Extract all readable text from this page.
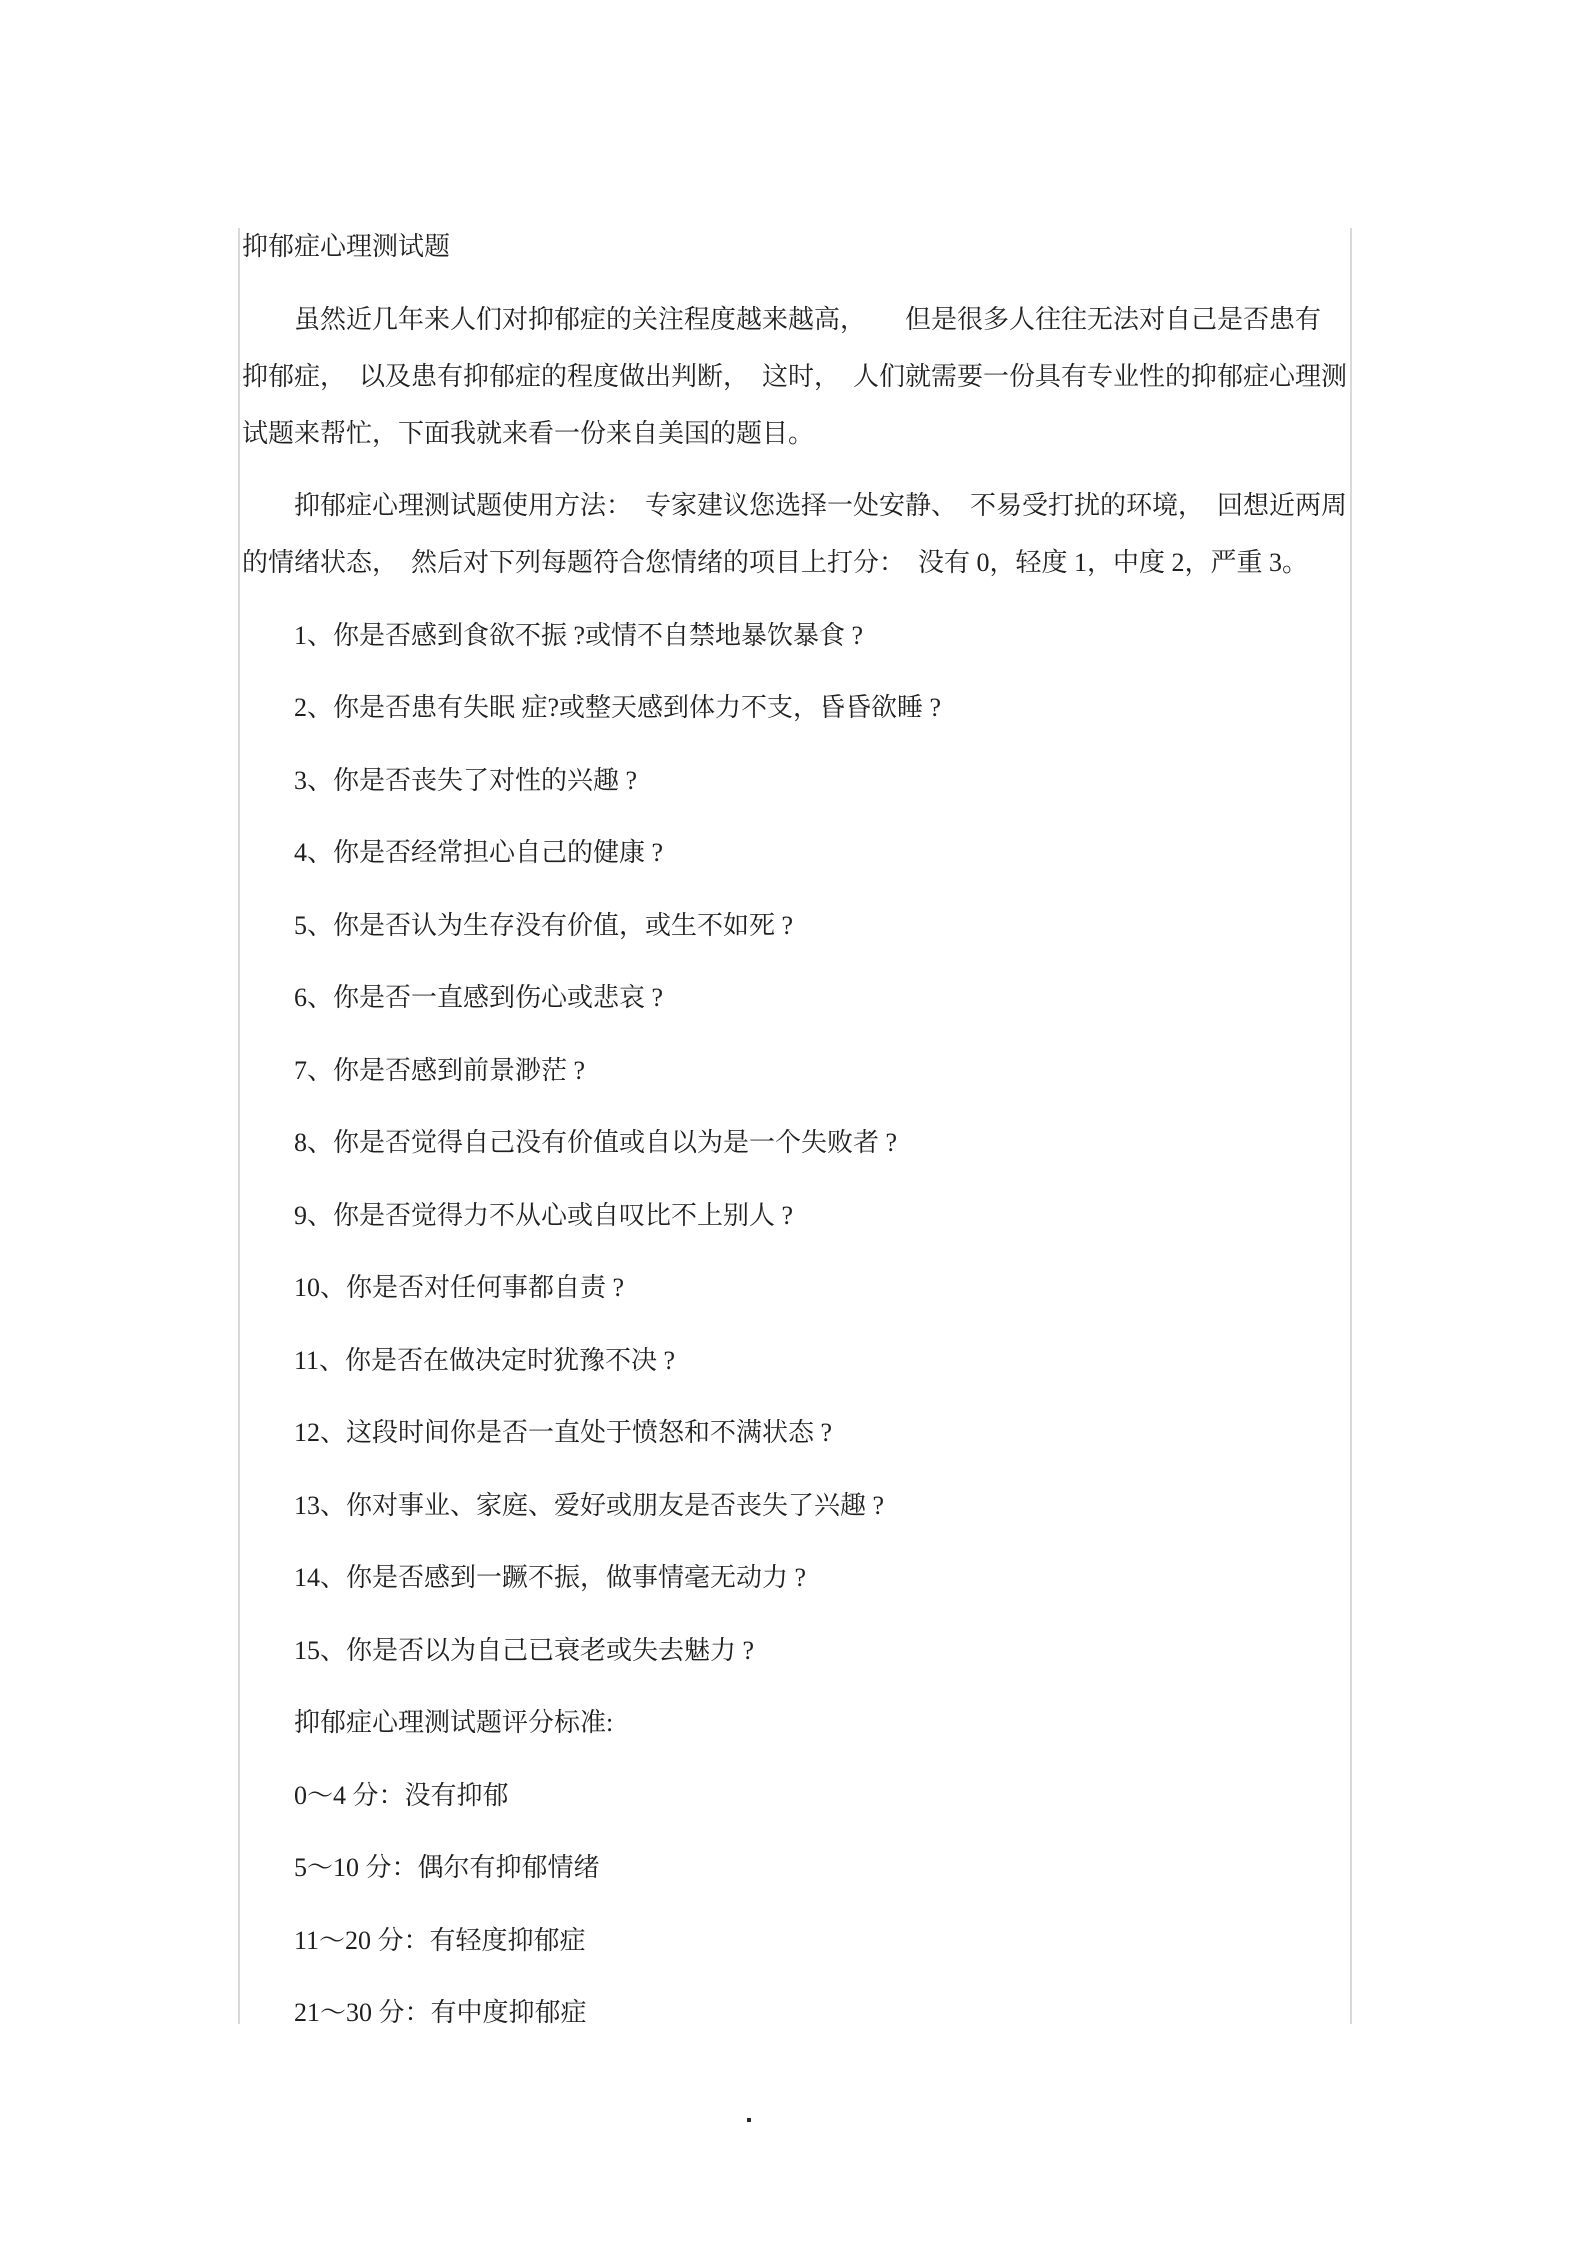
抑郁症心理测试题
虽然近几年来人们对抑郁症的关注程度越来越高，　　但是很多人往往无法对自己是否患有
抑郁症，　以及患有抑郁症的程度做出判断，　这时，　人们就需要一份具有专业性的抑郁症心理测
试题来帮忙，下面我就来看一份来自美国的题目。
抑郁症心理测试题使用方法：　专家建议您选择一处安静、　不易受打扰的环境，　回想近两周
的情绪状态，　然后对下列每题符合您情绪的项目上打分：　没有 0，轻度 1，中度 2，严重 3。
1、你是否感到食欲不振 ?或情不自禁地暴饮暴食 ?
2、你是否患有失眠 症?或整天感到体力不支，昏昏欲睡 ?
3、你是否丧失了对性的兴趣 ?
4、你是否经常担心自己的健康 ?
5、你是否认为生存没有价值，或生不如死 ?
6、你是否一直感到伤心或悲哀 ?
7、你是否感到前景渺茫 ?
8、你是否觉得自己没有价值或自以为是一个失败者 ?
9、你是否觉得力不从心或自叹比不上别人 ?
10、你是否对任何事都自责 ?
11、你是否在做决定时犹豫不决 ?
12、这段时间你是否一直处于愤怒和不满状态 ?
13、你对事业、家庭、爱好或朋友是否丧失了兴趣 ?
14、你是否感到一蹶不振，做事情毫无动力 ?
15、你是否以为自己已衰老或失去魅力 ?
抑郁症心理测试题评分标准:
0～4 分：没有抑郁
5～10 分：偶尔有抑郁情绪
11～20 分：有轻度抑郁症
21～30 分：有中度抑郁症
